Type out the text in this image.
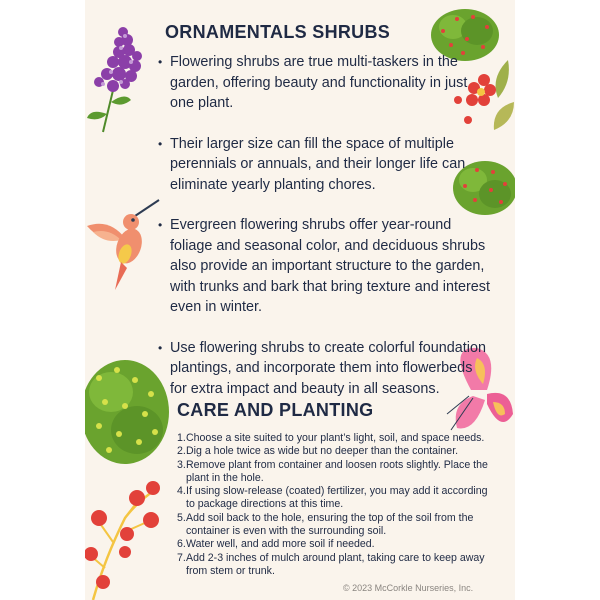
ORNAMENTALS SHRUBS
• Flowering shrubs are true multi-taskers in the garden, offering beauty and functionality in just one plant.
• Their larger size can fill the space of multiple perennials or annuals, and their longer life can eliminate yearly planting chores.
• Evergreen flowering shrubs offer year-round foliage and seasonal color, and deciduous shrubs also provide an important structure to the garden, with trunks and bark that bring texture and interest even in winter.
• Use flowering shrubs to create colorful foundation plantings, and incorporate them into flowerbeds for extra impact and beauty in all seasons.
CARE AND PLANTING
1. Choose a site suited to your plant’s light, soil, and space needs.
2. Dig a hole twice as wide but no deeper than the container.
3. Remove plant from container and loosen roots slightly. Place the plant in the hole.
4. If using slow-release (coated) fertilizer, you may add it according to package directions at this time.
5. Add soil back to the hole, ensuring the top of the soil from the container is even with the surrounding soil.
6. Water well, and add more soil if needed.
7. Add 2-3 inches of mulch around plant, taking care to keep away from stem or trunk.
© 2023 McCorkle Nurseries, Inc.
